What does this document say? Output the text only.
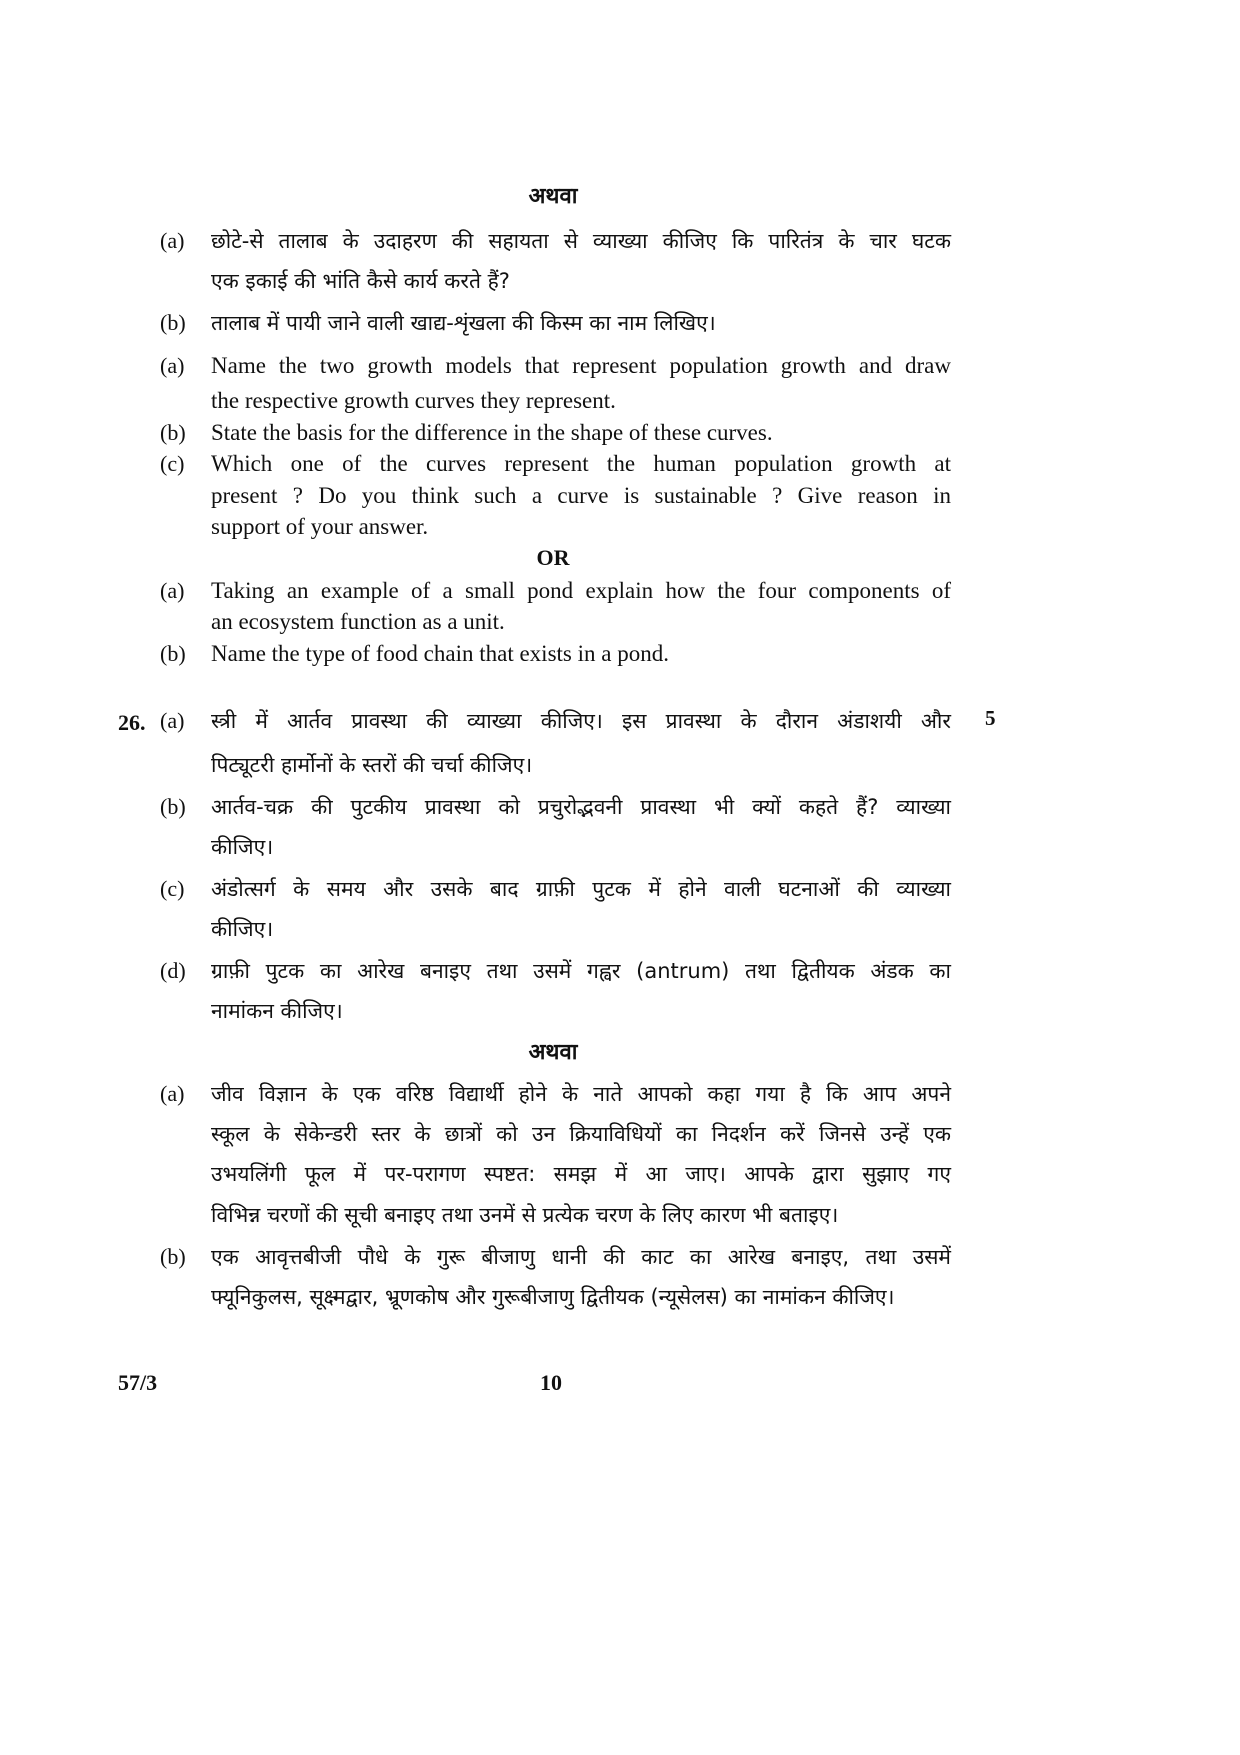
अथवा
OR
अथवा
26.	5
57/3	10
(a) छोटे-से तालाब के उदाहरण की सहायता से व्याख्या कीजिए कि पारितंत्र के चार घटक
एक इकाई की भांति कैसे कार्य करते हैं?
(b) तालाब में पायी जाने वाली खाद्य-शृंखला की किस्म का नाम लिखिए।
(a) Name the two growth models that represent population growth and draw
the respective growth curves they represent.
(b) State the basis for the difference in the shape of these curves.
(c) Which one of the curves represent the human population growth at
present ? Do you think such a curve is sustainable ? Give reason in
support of your answer.
(a) Taking an example of a small pond explain how the four components of
an ecosystem function as a unit.
(b) Name the type of food chain that exists in a pond.
(a) स्त्री में आर्तव प्रावस्था की व्याख्या कीजिए। इस प्रावस्था के दौरान अंडाशयी और
पिट्यूटरी हार्मोनों के स्तरों की चर्चा कीजिए।
(b) आर्तव-चक्र की पुटकीय प्रावस्था को प्रचुरोद्भवनी प्रावस्था भी क्यों कहते हैं? व्याख्या
कीजिए।
(c) अंडोत्सर्ग के समय और उसके बाद ग्राफ़ी पुटक में होने वाली घटनाओं की व्याख्या
कीजिए।
(d) ग्राफ़ी पुटक का आरेख बनाइए तथा उसमें गह्वर (antrum) तथा द्वितीयक अंडक का
नामांकन कीजिए।
(a) जीव विज्ञान के एक वरिष्ठ विद्यार्थी होने के नाते आपको कहा गया है कि आप अपने
स्कूल के सेकेन्डरी स्तर के छात्रों को उन क्रियाविधियों का निदर्शन करें जिनसे उन्हें एक
उभयलिंगी फूल में पर-परागण स्पष्टत: समझ में आ जाए। आपके द्वारा सुझाए गए
विभिन्न चरणों की सूची बनाइए तथा उनमें से प्रत्येक चरण के लिए कारण भी बताइए।
(b) एक आवृत्तबीजी पौधे के गुरू बीजाणु धानी की काट का आरेख बनाइए, तथा उसमें
फ्यूनिकुलस, सूक्ष्मद्वार, भ्रूणकोष और गुरूबीजाणु द्वितीयक (न्यूसेलस) का नामांकन कीजिए।
